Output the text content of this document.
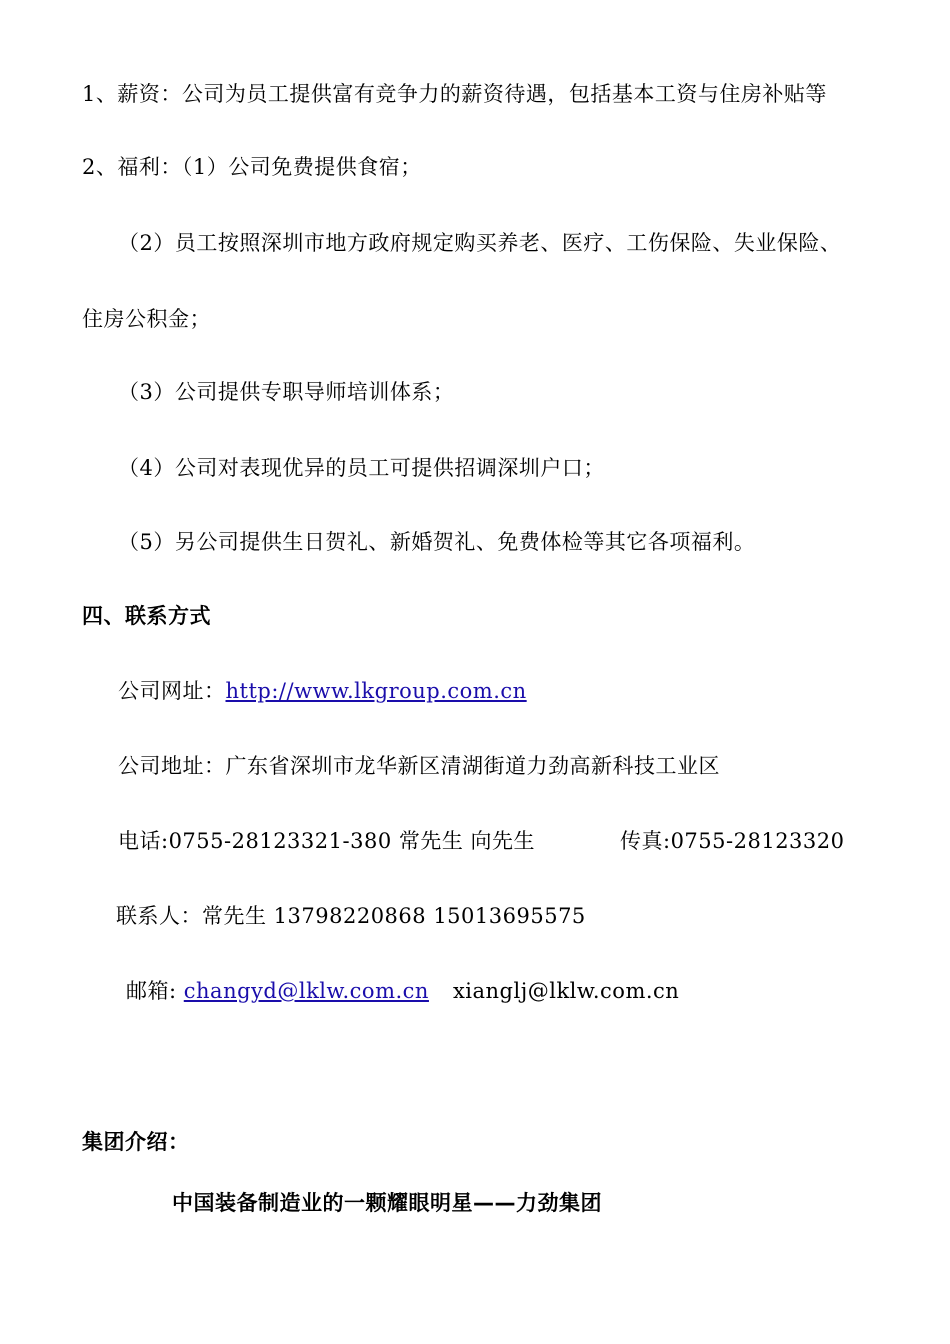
1、薪资：公司为员工提供富有竞争力的薪资待遇，包括基本工资与住房补贴等
2、福利：（1）公司免费提供食宿；
（2）员工按照深圳市地方政府规定购买养老、医疗、工伤保险、失业保险、
住房公积金；
（3）公司提供专职导师培训体系；
（4）公司对表现优异的员工可提供招调深圳户口；
（5）另公司提供生日贺礼、新婚贺礼、免费体检等其它各项福利。
四、联系方式
公司网址：http://www.lkgroup.com.cn
公司地址：广东省深圳市龙华新区清湖街道力劲高新科技工业区
电话:0755-28123321-380 常先生 向先生	传真:0755-28123320
联系人：常先生 13798220868 15013695575
邮箱: changyd@lklw.com.cn xianglj@lklw.com.cn
集团介绍：
中国装备制造业的一颗耀眼明星——力劲集团
